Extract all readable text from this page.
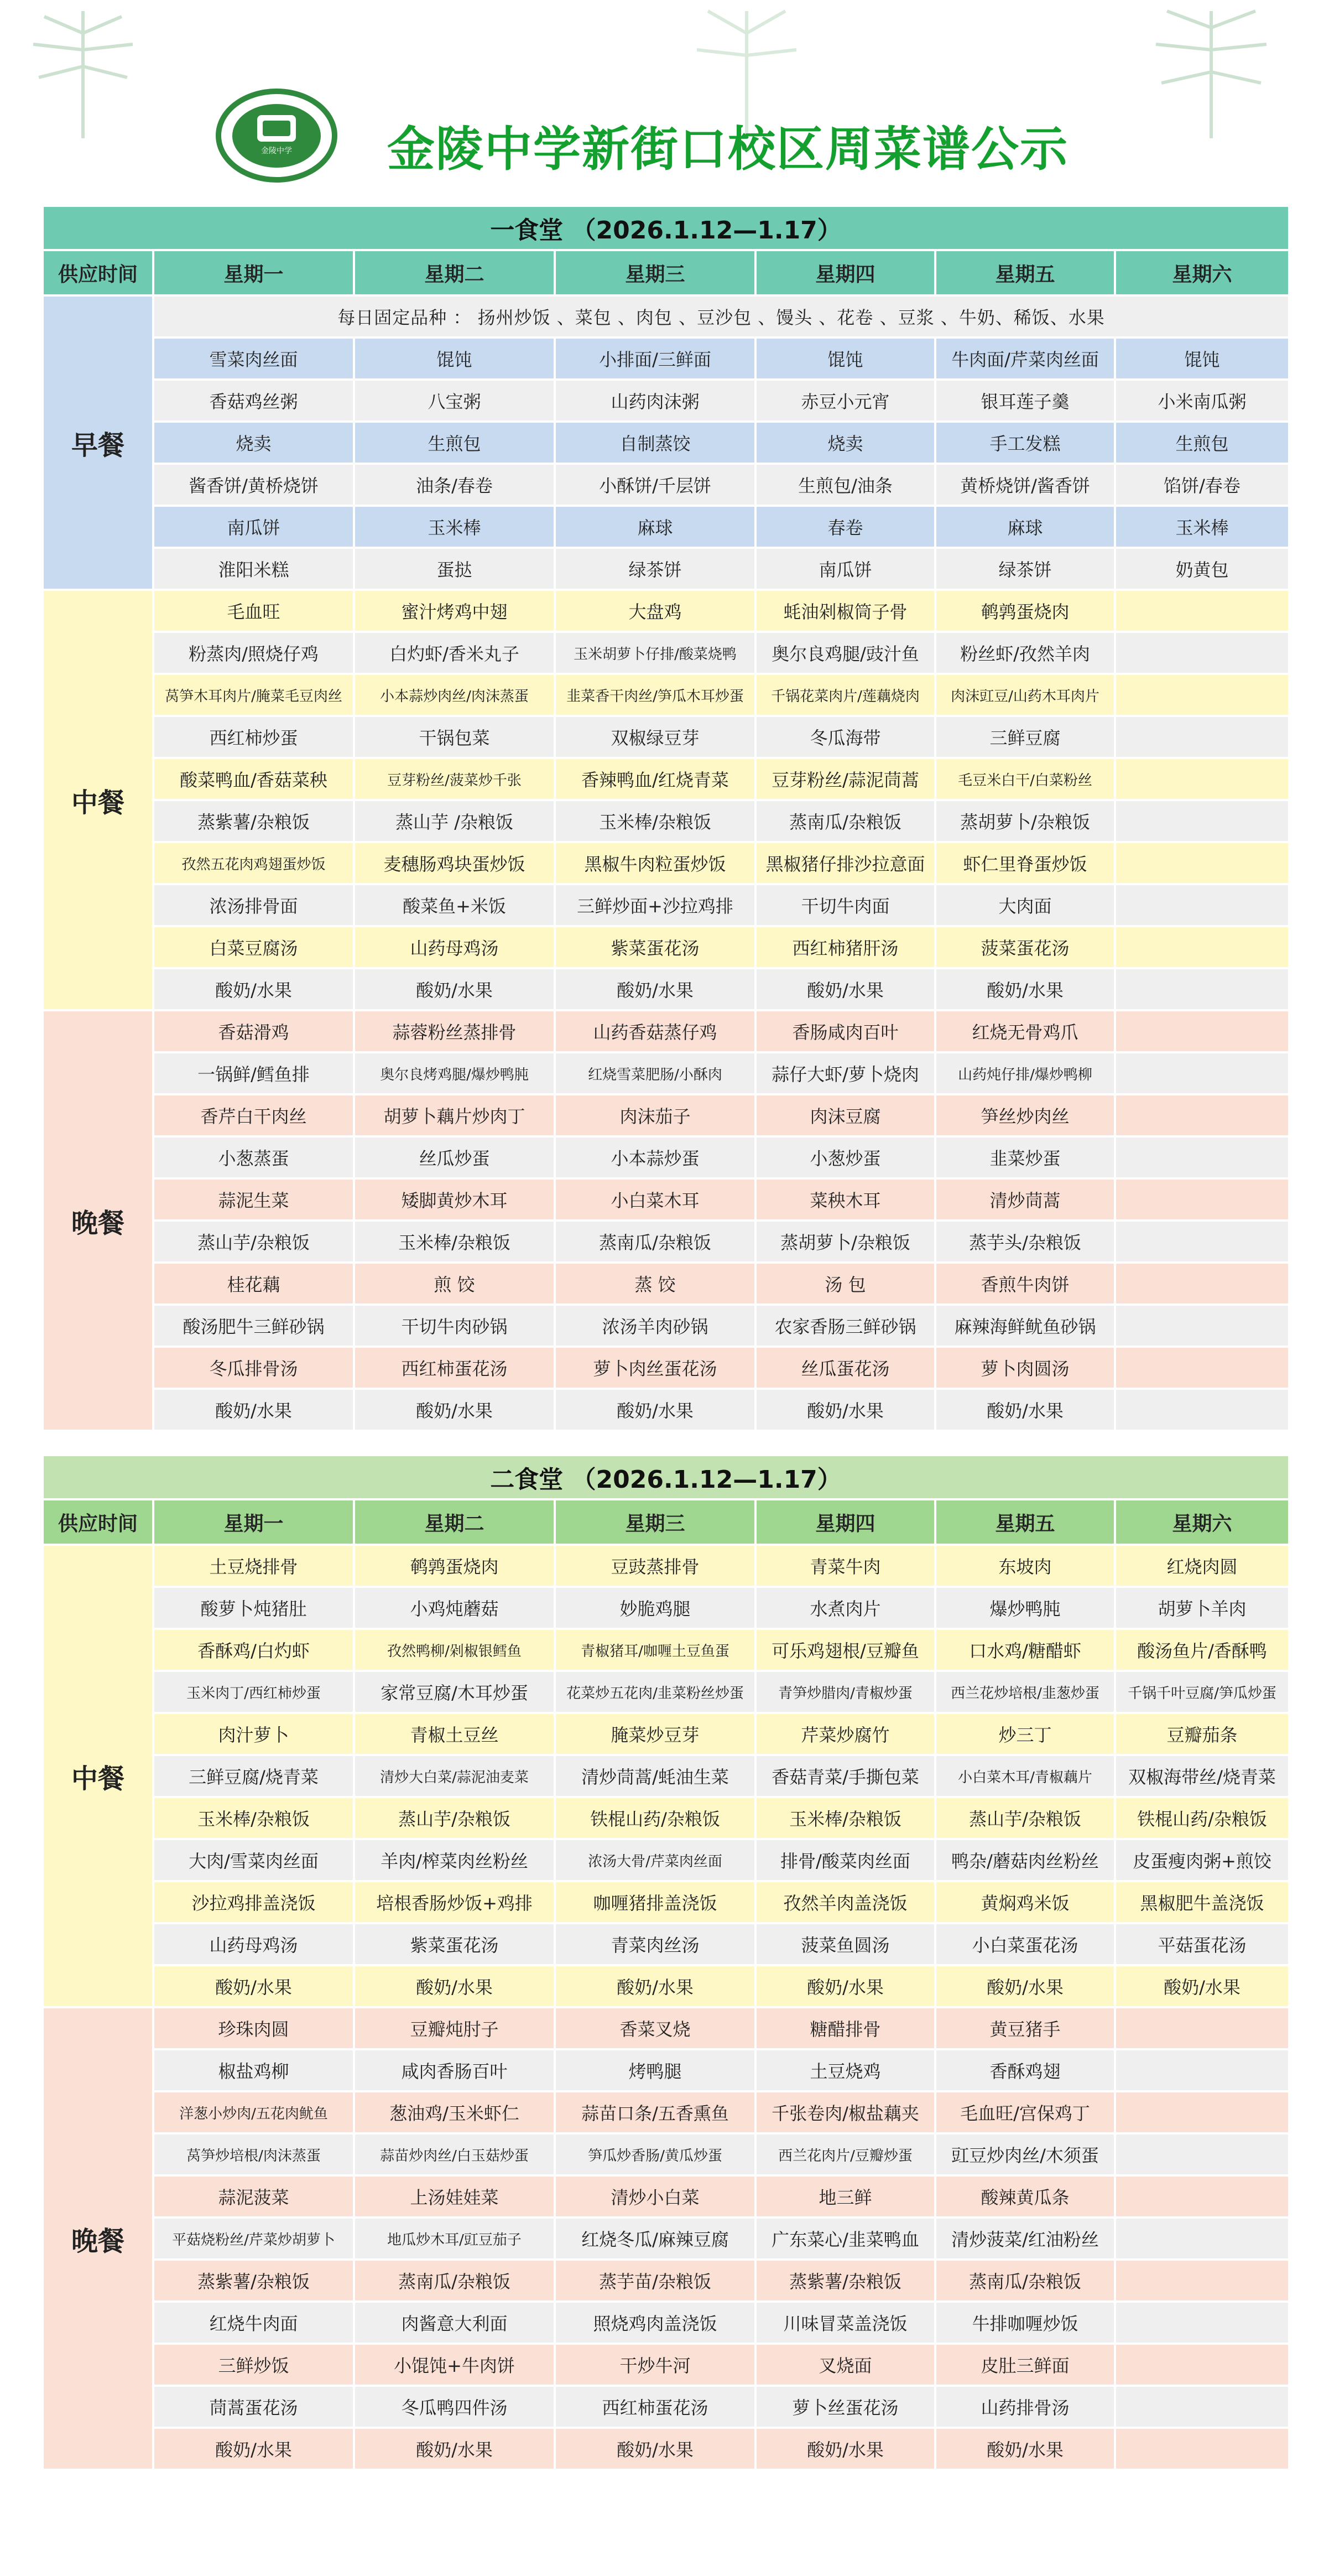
金陵中学 金陵中学新街口校区周菜谱公示
一食堂 （2026.1.12—1.17）						
供应时间	星期一	星期二	星期三	星期四	星期五	星期六
早餐	每日固定品种 ： 扬州炒饭 、菜包 、肉包 、豆沙包 、馒头 、花卷 、豆浆 、牛奶、稀饭、水果					
	雪菜肉丝面	馄饨	小排面/三鲜面	馄饨	牛肉面/芹菜肉丝面	馄饨
	香菇鸡丝粥	八宝粥	山药肉沫粥	赤豆小元宵	银耳莲子羹	小米南瓜粥
	烧卖	生煎包	自制蒸饺	烧卖	手工发糕	生煎包
	酱香饼/黄桥烧饼	油条/春卷	小酥饼/千层饼	生煎包/油条	黄桥烧饼/酱香饼	馅饼/春卷
	南瓜饼	玉米棒	麻球	春卷	麻球	玉米棒
	淮阳米糕	蛋挞	绿茶饼	南瓜饼	绿茶饼	奶黄包
中餐	毛血旺	蜜汁烤鸡中翅	大盘鸡	蚝油剁椒筒子骨	鹌鹑蛋烧肉	
	粉蒸肉/照烧仔鸡	白灼虾/香米丸子	玉米胡萝卜仔排/酸菜烧鸭	奥尔良鸡腿/豉汁鱼	粉丝虾/孜然羊肉	
	莴笋木耳肉片/腌菜毛豆肉丝	小本蒜炒肉丝/肉沫蒸蛋	韭菜香干肉丝/笋瓜木耳炒蛋	千锅花菜肉片/莲藕烧肉	肉沫豇豆/山药木耳肉片	
	西红柿炒蛋	干锅包菜	双椒绿豆芽	冬瓜海带	三鲜豆腐	
	酸菜鸭血/香菇菜秧	豆芽粉丝/菠菜炒千张	香辣鸭血/红烧青菜	豆芽粉丝/蒜泥茼蒿	毛豆米白干/白菜粉丝	
	蒸紫薯/杂粮饭	蒸山芋 /杂粮饭	玉米棒/杂粮饭	蒸南瓜/杂粮饭	蒸胡萝卜/杂粮饭	
	孜然五花肉鸡翅蛋炒饭	麦穗肠鸡块蛋炒饭	黑椒牛肉粒蛋炒饭	黑椒猪仔排沙拉意面	虾仁里脊蛋炒饭	
	浓汤排骨面	酸菜鱼+米饭	三鲜炒面+沙拉鸡排	干切牛肉面	大肉面	
	白菜豆腐汤	山药母鸡汤	紫菜蛋花汤	西红柿猪肝汤	菠菜蛋花汤	
	酸奶/水果	酸奶/水果	酸奶/水果	酸奶/水果	酸奶/水果	
晚餐	香菇滑鸡	蒜蓉粉丝蒸排骨	山药香菇蒸仔鸡	香肠咸肉百叶	红烧无骨鸡爪	
	一锅鲜/鳕鱼排	奥尔良烤鸡腿/爆炒鸭肫	红烧雪菜肥肠/小酥肉	蒜仔大虾/萝卜烧肉	山药炖仔排/爆炒鸭柳	
	香芹白干肉丝	胡萝卜藕片炒肉丁	肉沫茄子	肉沫豆腐	笋丝炒肉丝	
	小葱蒸蛋	丝瓜炒蛋	小本蒜炒蛋	小葱炒蛋	韭菜炒蛋	
	蒜泥生菜	矮脚黄炒木耳	小白菜木耳	菜秧木耳	清炒茼蒿	
	蒸山芋/杂粮饭	玉米棒/杂粮饭	蒸南瓜/杂粮饭	蒸胡萝卜/杂粮饭	蒸芋头/杂粮饭	
	桂花藕	煎 饺	蒸 饺	汤 包	香煎牛肉饼	
	酸汤肥牛三鲜砂锅	干切牛肉砂锅	浓汤羊肉砂锅	农家香肠三鲜砂锅	麻辣海鲜鱿鱼砂锅	
	冬瓜排骨汤	西红柿蛋花汤	萝卜肉丝蛋花汤	丝瓜蛋花汤	萝卜肉圆汤	
	酸奶/水果	酸奶/水果	酸奶/水果	酸奶/水果	酸奶/水果	
二食堂 （2026.1.12—1.17）						
供应时间	星期一	星期二	星期三	星期四	星期五	星期六
中餐	土豆烧排骨	鹌鹑蛋烧肉	豆豉蒸排骨	青菜牛肉	东坡肉	红烧肉圆
	酸萝卜炖猪肚	小鸡炖蘑菇	妙脆鸡腿	水煮肉片	爆炒鸭肫	胡萝卜羊肉
	香酥鸡/白灼虾	孜然鸭柳/剁椒银鳕鱼	青椒猪耳/咖喱土豆鱼蛋	可乐鸡翅根/豆瓣鱼	口水鸡/糖醋虾	酸汤鱼片/香酥鸭
	玉米肉丁/西红柿炒蛋	家常豆腐/木耳炒蛋	花菜炒五花肉/韭菜粉丝炒蛋	青笋炒腊肉/青椒炒蛋	西兰花炒培根/韭葱炒蛋	千锅千叶豆腐/笋瓜炒蛋
	肉汁萝卜	青椒土豆丝	腌菜炒豆芽	芹菜炒腐竹	炒三丁	豆瓣茄条
	三鲜豆腐/烧青菜	清炒大白菜/蒜泥油麦菜	清炒茼蒿/蚝油生菜	香菇青菜/手撕包菜	小白菜木耳/青椒藕片	双椒海带丝/烧青菜
	玉米棒/杂粮饭	蒸山芋/杂粮饭	铁棍山药/杂粮饭	玉米棒/杂粮饭	蒸山芋/杂粮饭	铁棍山药/杂粮饭
	大肉/雪菜肉丝面	羊肉/榨菜肉丝粉丝	浓汤大骨/芹菜肉丝面	排骨/酸菜肉丝面	鸭杂/蘑菇肉丝粉丝	皮蛋瘦肉粥+煎饺
	沙拉鸡排盖浇饭	培根香肠炒饭+鸡排	咖喱猪排盖浇饭	孜然羊肉盖浇饭	黄焖鸡米饭	黑椒肥牛盖浇饭
	山药母鸡汤	紫菜蛋花汤	青菜肉丝汤	菠菜鱼圆汤	小白菜蛋花汤	平菇蛋花汤
	酸奶/水果	酸奶/水果	酸奶/水果	酸奶/水果	酸奶/水果	酸奶/水果
晚餐	珍珠肉圆	豆瓣炖肘子	香菜叉烧	糖醋排骨	黄豆猪手	
	椒盐鸡柳	咸肉香肠百叶	烤鸭腿	土豆烧鸡	香酥鸡翅	
	洋葱小炒肉/五花肉鱿鱼	葱油鸡/玉米虾仁	蒜苗口条/五香熏鱼	千张卷肉/椒盐藕夹	毛血旺/宫保鸡丁	
	莴笋炒培根/肉沫蒸蛋	蒜苗炒肉丝/白玉菇炒蛋	笋瓜炒香肠/黄瓜炒蛋	西兰花肉片/豆瓣炒蛋	豇豆炒肉丝/木须蛋	
	蒜泥菠菜	上汤娃娃菜	清炒小白菜	地三鲜	酸辣黄瓜条	
	平菇烧粉丝/芹菜炒胡萝卜	地瓜炒木耳/豇豆茄子	红烧冬瓜/麻辣豆腐	广东菜心/韭菜鸭血	清炒菠菜/红油粉丝	
	蒸紫薯/杂粮饭	蒸南瓜/杂粮饭	蒸芋苗/杂粮饭	蒸紫薯/杂粮饭	蒸南瓜/杂粮饭	
	红烧牛肉面	肉酱意大利面	照烧鸡肉盖浇饭	川味冒菜盖浇饭	牛排咖喱炒饭	
	三鲜炒饭	小馄饨+牛肉饼	干炒牛河	叉烧面	皮肚三鲜面	
	茼蒿蛋花汤	冬瓜鸭四件汤	西红柿蛋花汤	萝卜丝蛋花汤	山药排骨汤	
	酸奶/水果	酸奶/水果	酸奶/水果	酸奶/水果	酸奶/水果	
